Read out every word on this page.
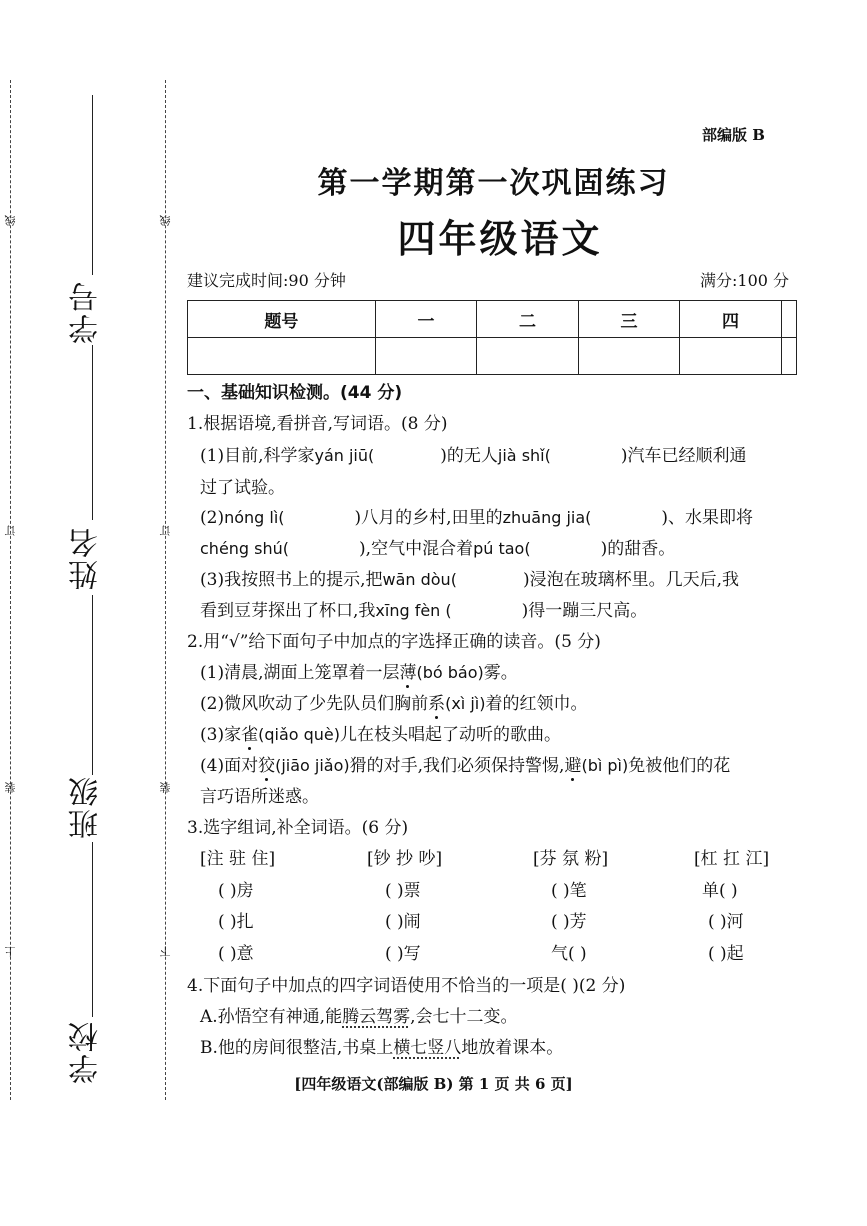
线	线
订	订
装	装
上	下
学号
姓名
班级
学校
部编版 B
第一学期第一次巩固练习
四年级语文
建议完成时间:90 分钟	满分:100 分
题号	一	二	三	四	

一、基础知识检测。(44 分)
1.根据语境,看拼音,写词语。(8 分)
(1)目前,科学家yán jiū(	)的无人jià shǐ(	)汽车已经顺利通
过了试验。
(2)nóng lì(	)八月的乡村,田里的zhuāng jia(	)、水果即将
chéng shú(	),空气中混合着pú tao(	)的甜香。
(3)我按照书上的提示,把wān dòu(	)浸泡在玻璃杯里。几天后,我
看到豆芽探出了杯口,我xīng fèn (	)得一蹦三尺高。
2.用“√”给下面句子中加点的字选择正确的读音。(5 分)
(1)清晨,湖面上笼罩着一层薄(bó báo)雾。
(2)微风吹动了少先队员们胸前系(xì jì)着的红领巾。
(3)家雀(qiǎo què)儿在枝头唱起了动听的歌曲。
(4)面对狡(jiāo jiǎo)猾的对手,我们必须保持警惕,避(bì pì)免被他们的花
言巧语所迷惑。
3.选字组词,补全词语。(6 分)
[注 驻 住]	[钞 抄 吵]	[芬 氛 粉]	[杠 扛 江]
( )房	( )票	( )笔	单( )
( )扎	( )闹	( )芳	( )河
( )意	( )写	气( )	( )起
4.下面句子中加点的四字词语使用不恰当的一项是( )(2 分)
A.孙悟空有神通,能腾云驾雾,会七十二变。
B.他的房间很整洁,书桌上横七竖八地放着课本。
[四年级语文(部编版 B) 第 1 页 共 6 页]
